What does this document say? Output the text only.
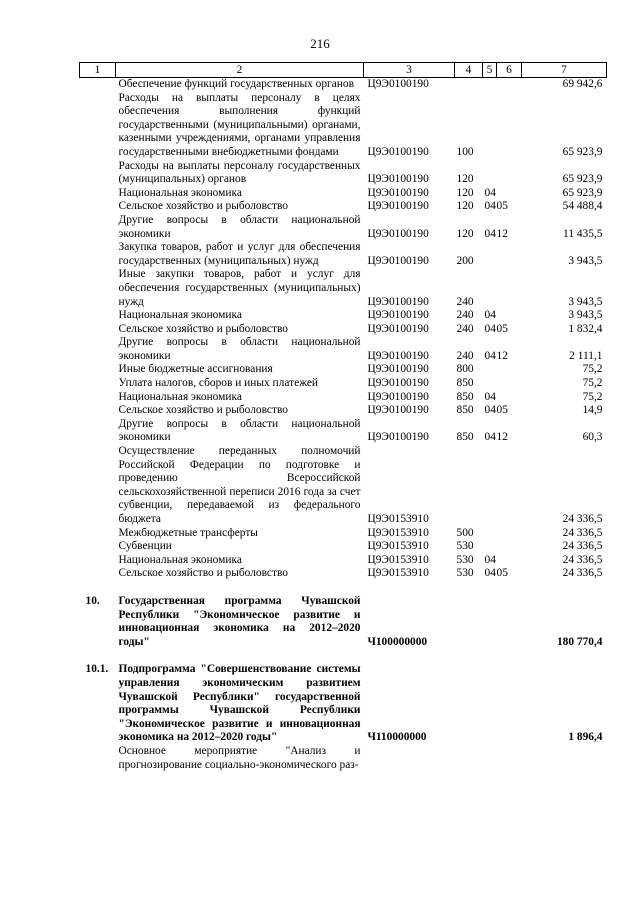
216
1	2	3	4	5	6	7
	Обеспечение функций государственных органов	Ц9Э0100190				69 942,6
	Расходы на выплаты персоналу в целях обеспечения выполнения функций государственными (муниципальными) органами, казенными учреждениями, органами управления государственными внебюджетными фондами	Ц9Э0100190	100			65 923,9
	Расходы на выплаты персоналу государственных (муниципальных) органов	Ц9Э0100190	120			65 923,9
	Национальная экономика	Ц9Э0100190	120	04		65 923,9
	Сельское хозяйство и рыболовство	Ц9Э0100190	120	04	05	54 488,4
	Другие вопросы в области национальной экономики	Ц9Э0100190	120	04	12	11 435,5
	Закупка товаров, работ и услуг для обеспечения государственных (муниципальных) нужд	Ц9Э0100190	200			3 943,5
	Иные закупки товаров, работ и услуг для обеспечения государственных (муниципальных) нужд	Ц9Э0100190	240			3 943,5
	Национальная экономика	Ц9Э0100190	240	04		3 943,5
	Сельское хозяйство и рыболовство	Ц9Э0100190	240	04	05	1 832,4
	Другие вопросы в области национальной экономики	Ц9Э0100190	240	04	12	2 111,1
	Иные бюджетные ассигнования	Ц9Э0100190	800			75,2
	Уплата налогов, сборов и иных платежей	Ц9Э0100190	850			75,2
	Национальная экономика	Ц9Э0100190	850	04		75,2
	Сельское хозяйство и рыболовство	Ц9Э0100190	850	04	05	14,9
	Другие вопросы в области национальной экономики	Ц9Э0100190	850	04	12	60,3
	Осуществление переданных полномочий Российской Федерации по подготовке и проведению Всероссийской сельскохозяйственной переписи 2016 года за счет субвенции, передаваемой из федерального бюджета	Ц9Э0153910				24 336,5
	Межбюджетные трансферты	Ц9Э0153910	500			24 336,5
	Субвенции	Ц9Э0153910	530			24 336,5
	Национальная экономика	Ц9Э0153910	530	04		24 336,5
	Сельское хозяйство и рыболовство	Ц9Э0153910	530	04	05	24 336,5

10.	Государственная программа Чувашской Республики "Экономическое развитие и инновационная экономика на 2012–2020 годы"	Ч100000000				180 770,4

10.1.	Подпрограмма "Совершенствование системы управления экономическим развитием Чувашской Республики" государственной программы Чувашской Республики "Экономическое развитие и инновационная экономика на 2012–2020 годы"	Ч110000000				1 896,4
	Основное мероприятие "Анализ и прогнозирование социально-экономического раз-					
